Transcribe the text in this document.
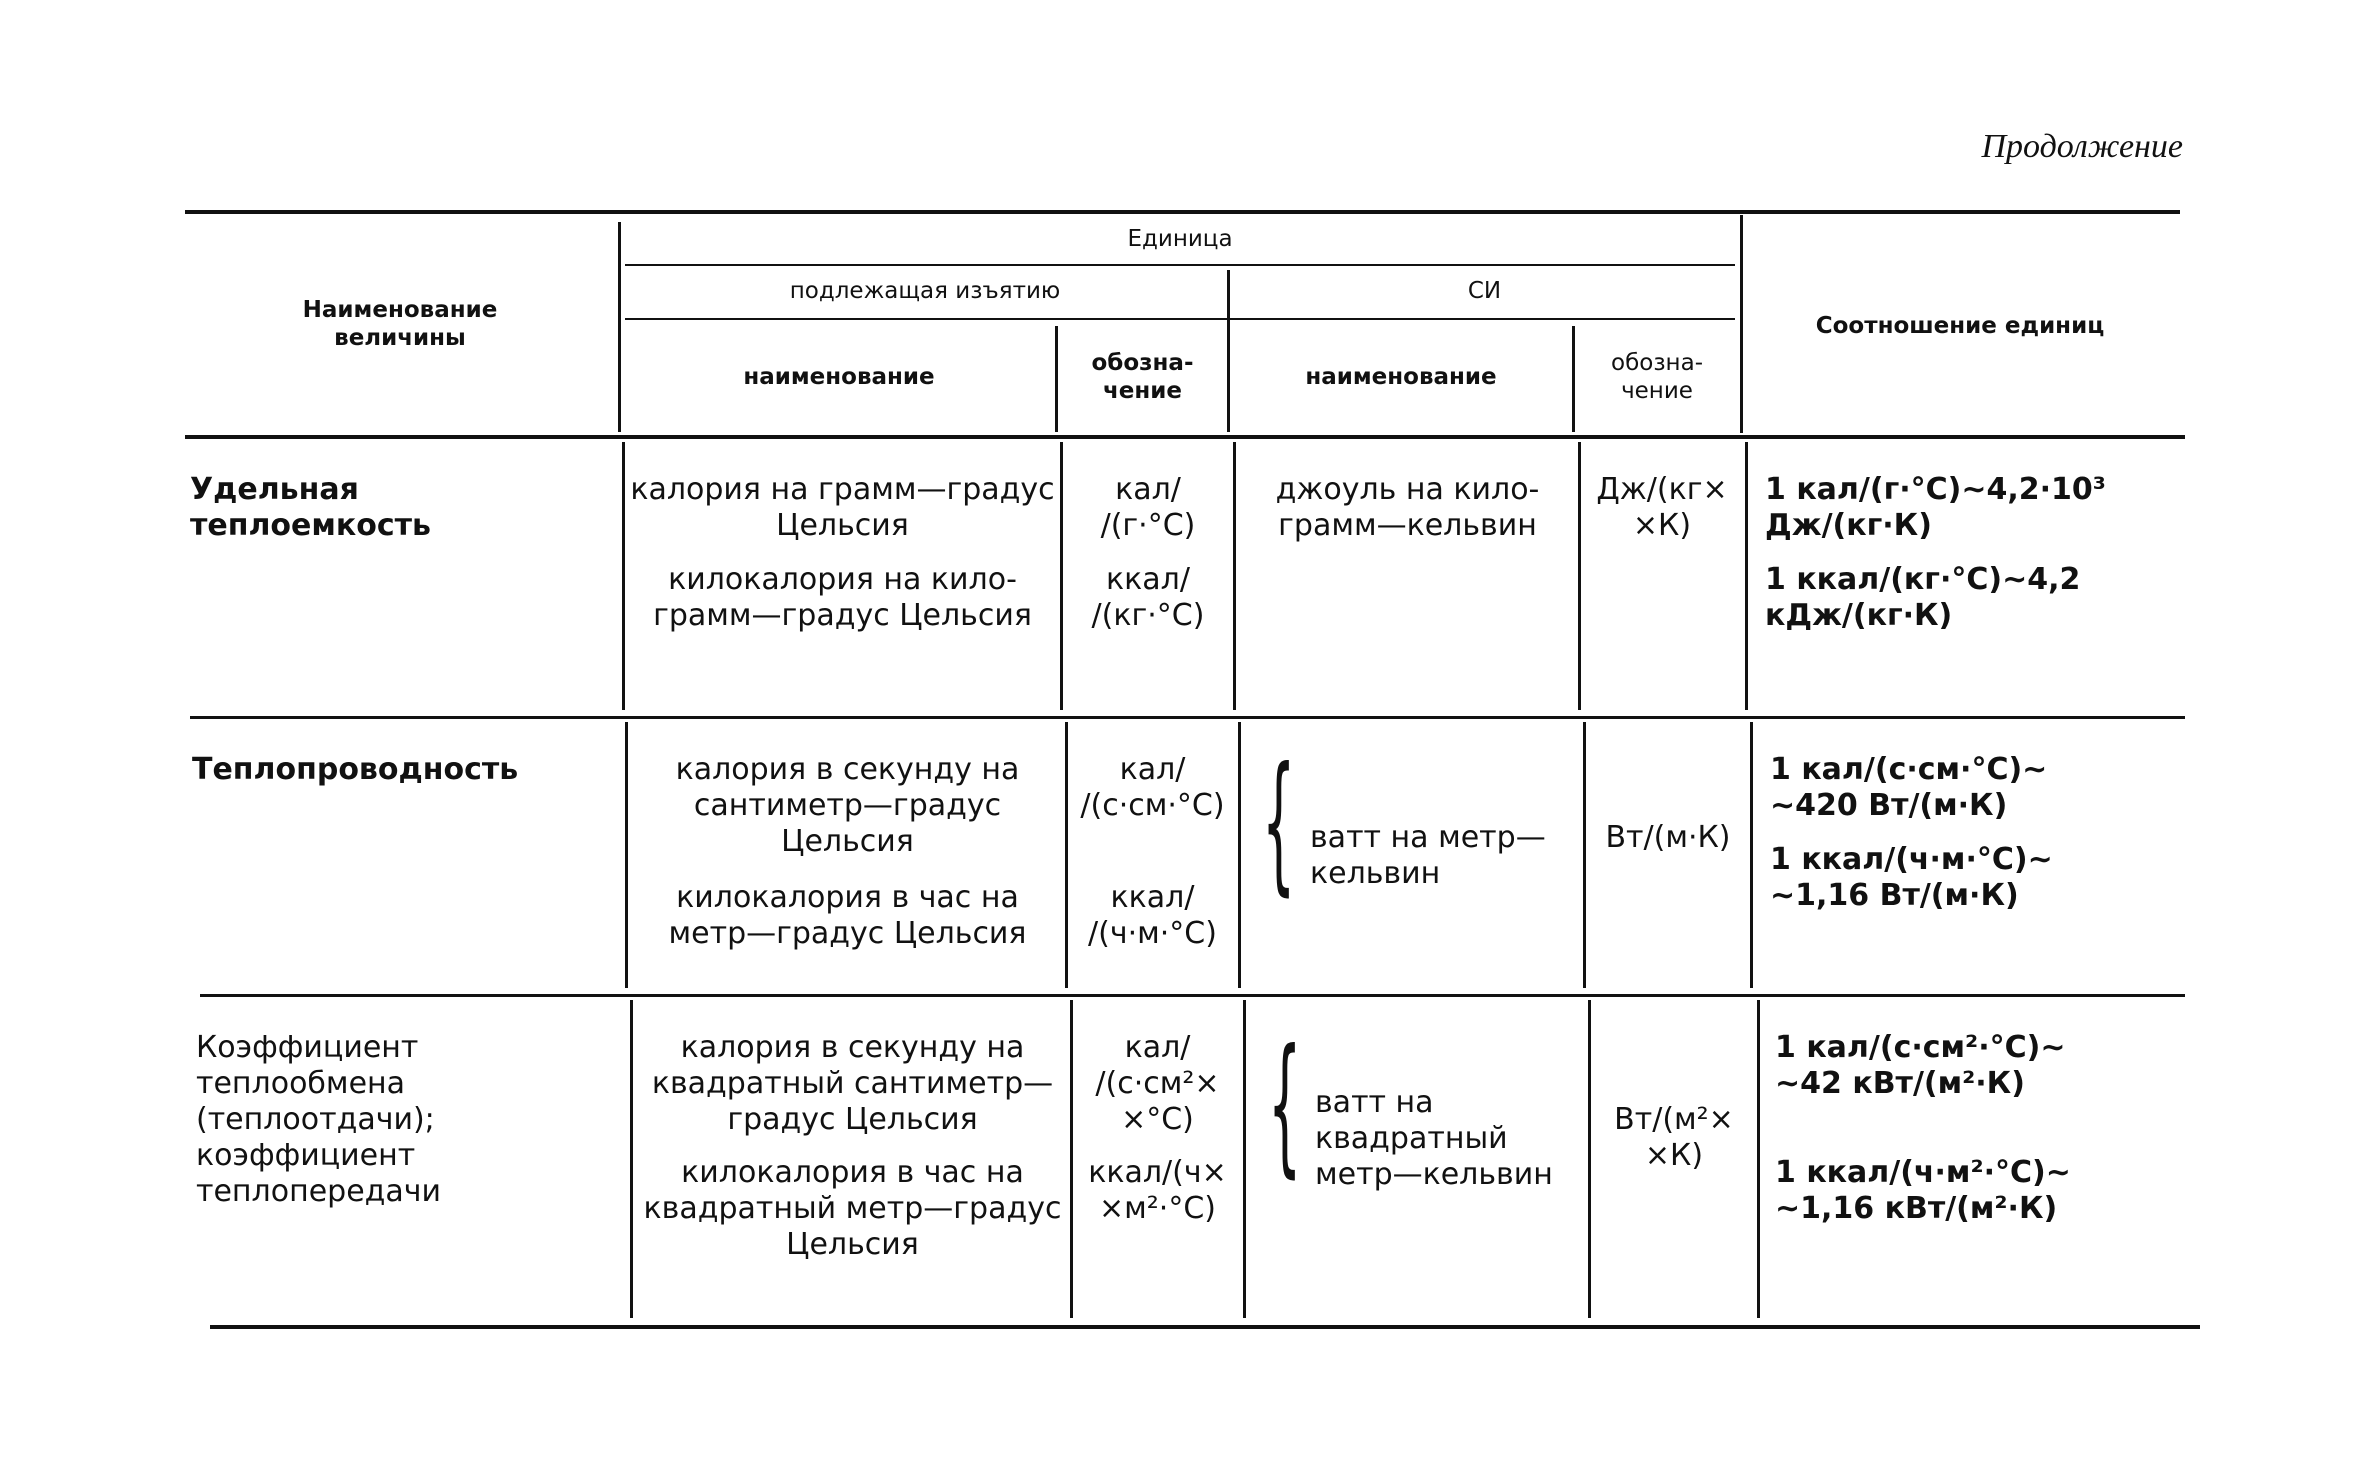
Продолжение
Наименование величины
Единица
подлежащая изъятию	СИ
наименование
обозна-
чение
наименование
обозна-
чение
Соотношение единиц
Удельная теплоемкость
калория на грамм—градус Цельсия
килокалория на кило-грамм—градус Цельсия
кал/
/(г·°С)
ккал/
/(кг·°С)
джоуль на кило-грамм—кельвин
Дж/(кг×
×К)
1 кал/(г·°С)∼4,2·10³
Дж/(кг·К)
1 ккал/(кг·°С)∼4,2
кДж/(кг·К)
Теплопроводность	калория в секунду на сантиметр—градус Цельсия
килокалория в час на метр—градус Цельсия
кал/
/(с·см·°С)
ккал/
/(ч·м·°С)
{ ватт на метр—кельвин
Вт/(м·К)
1 кал/(с·см·°С)∼
∼420 Вт/(м·К)
1 ккал/(ч·м·°С)∼
∼1,16 Вт/(м·К)
Коэффициент теплообмена (теплоотдачи); коэффициент теплопередачи
калория в секунду на квадратный сантиметр—градус Цельсия
килокалория в час на квадратный метр—градус Цельсия
кал/
/(с·см²×
×°С)
ккал/(ч×
×м²·°С)
{ ватт на квадратный метр—кельвин
Вт/(м²×
×К)
1 кал/(с·см²·°С)∼
∼42 кВт/(м²·К)
1 ккал/(ч·м²·°С)∼
∼1,16 кВт/(м²·К)
